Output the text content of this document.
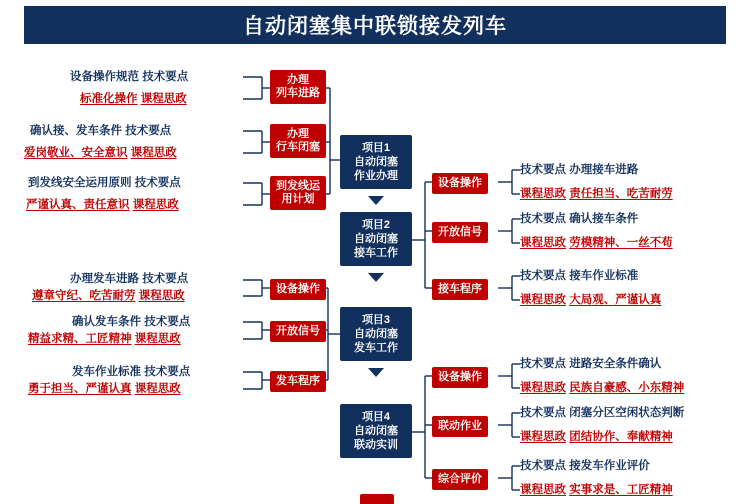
自动闭塞集中联锁接发列车
项目1
自动闭塞
作业办理
项目2
自动闭塞
接车工作
项目3
自动闭塞
发车工作
项目4
自动闭塞
联动实训
办理
列车进路
办理
行车闭塞
到发线运
用计划
设备操作规范 技术要点
标准化操作 课程思政
确认接、发车条件 技术要点
爱岗敬业、安全意识 课程思政
到发线安全运用原则 技术要点
严谨认真、责任意识 课程思政
设备操作
开放信号
发车程序
办理发车进路 技术要点
遵章守纪、吃苦耐劳 课程思政
确认发车条件 技术要点
精益求精、工匠精神 课程思政
发车作业标准 技术要点
勇于担当、严谨认真 课程思政
设备操作
开放信号
接车程序
技术要点 办理接车进路
课程思政 责任担当、吃苦耐劳
技术要点 确认接车条件
课程思政 劳模精神、一丝不苟
技术要点 接车作业标准
课程思政 大局观、严谨认真
设备操作
联动作业
综合评价
技术要点 进路安全条件确认
课程思政 民族自豪感、小东精神
技术要点 闭塞分区空闲状态判断
课程思政 团结协作、奉献精神
技术要点 接发车作业评价
课程思政 实事求是、工匠精神
